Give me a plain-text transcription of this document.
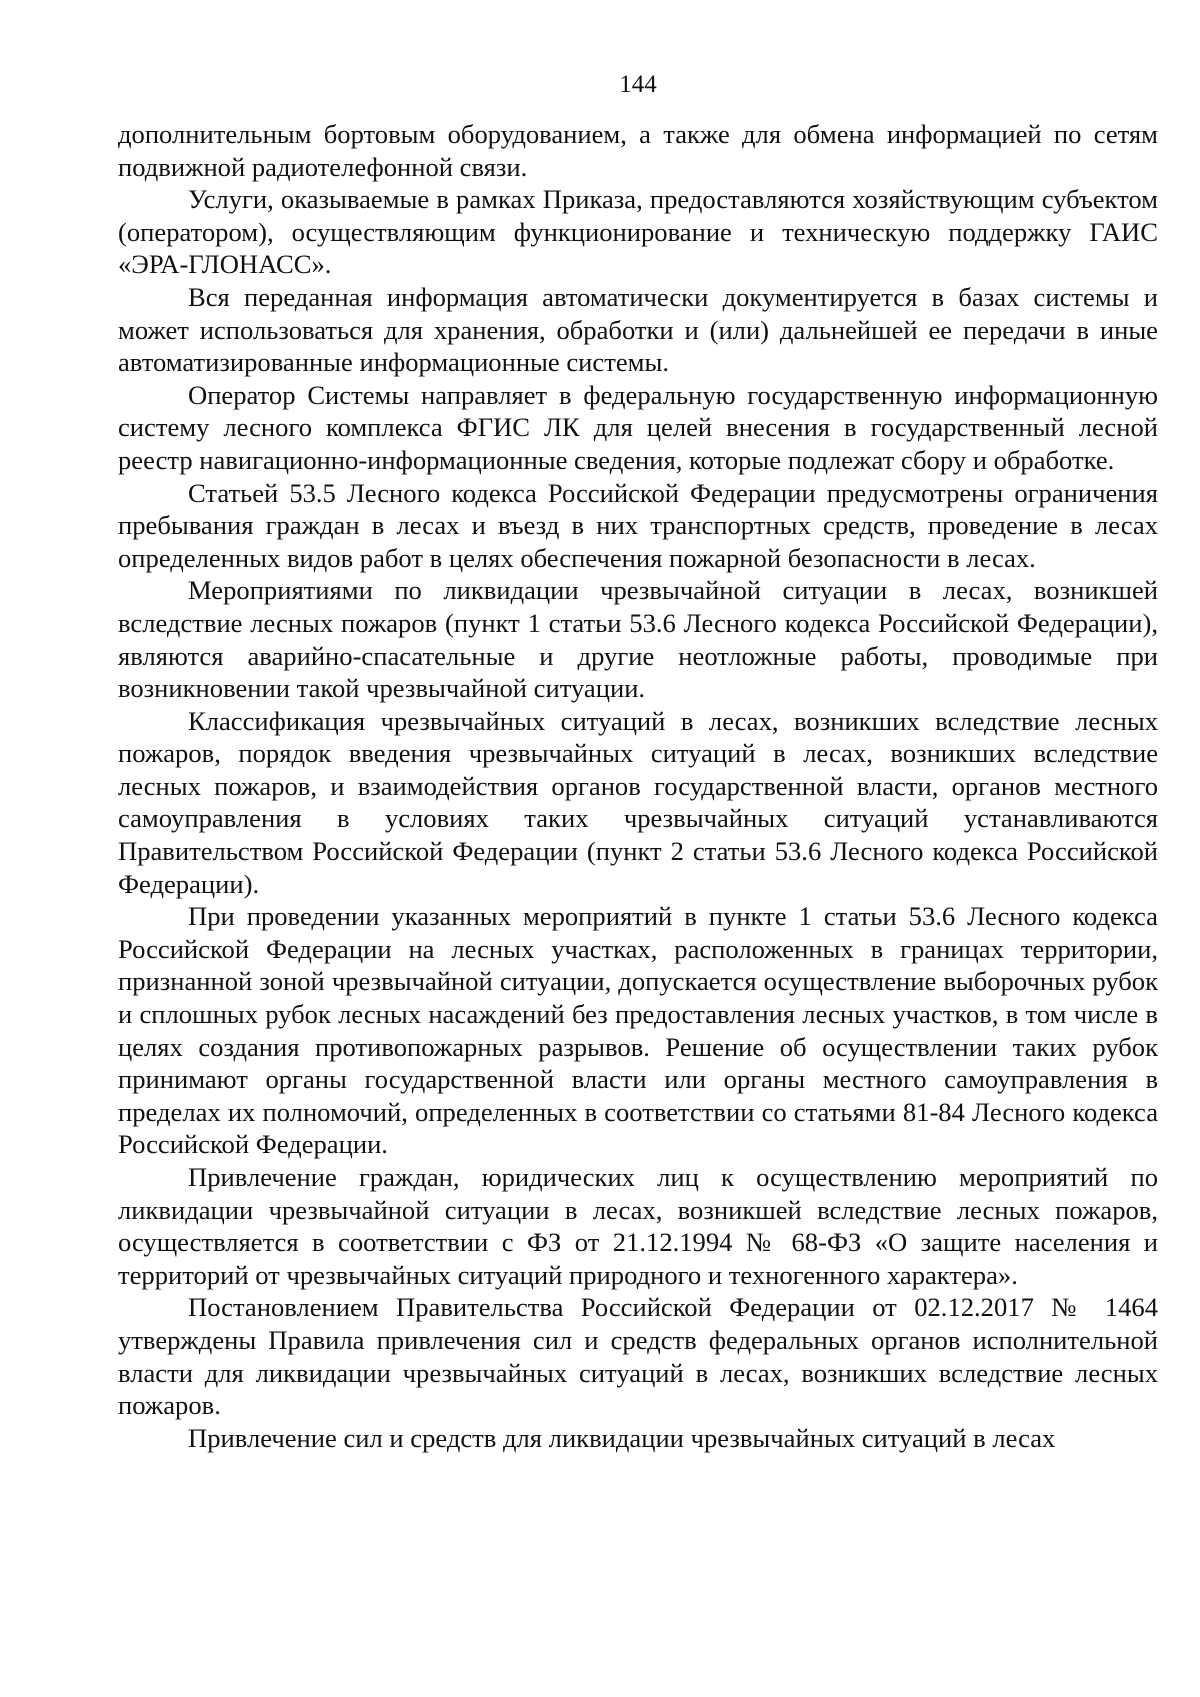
144

дополнительным бортовым оборудованием, а также для обмена информацией по сетям подвижной радиотелефонной связи.

Услуги, оказываемые в рамках Приказа, предоставляются хозяйствующим субъектом (оператором), осуществляющим функционирование и техническую поддержку ГАИС «ЭРА-ГЛОНАСС».

Вся переданная информация автоматически документируется в базах системы и может использоваться для хранения, обработки и (или) дальнейшей ее передачи в иные автоматизированные информационные системы.

Оператор Системы направляет в федеральную государственную информационную систему лесного комплекса ФГИС ЛК для целей внесения в государственный лесной реестр навигационно-информационные сведения, которые подлежат сбору и обработке.

Статьей 53.5 Лесного кодекса Российской Федерации предусмотрены ограничения пребывания граждан в лесах и въезд в них транспортных средств, проведение в лесах определенных видов работ в целях обеспечения пожарной безопасности в лесах.

Мероприятиями по ликвидации чрезвычайной ситуации в лесах, возникшей вследствие лесных пожаров (пункт 1 статьи 53.6 Лесного кодекса Российской Федерации), являются аварийно-спасательные и другие неотложные работы, проводимые при возникновении такой чрезвычайной ситуации.

Классификация чрезвычайных ситуаций в лесах, возникших вследствие лесных пожаров, порядок введения чрезвычайных ситуаций в лесах, возникших вследствие лесных пожаров, и взаимодействия органов государственной власти, органов местного самоуправления в условиях таких чрезвычайных ситуаций устанавливаются Правительством Российской Федерации (пункт 2 статьи 53.6 Лесного кодекса Российской Федерации).

При проведении указанных мероприятий в пункте 1 статьи 53.6 Лесного кодекса Российской Федерации на лесных участках, расположенных в границах территории, признанной зоной чрезвычайной ситуации, допускается осуществление выборочных рубок и сплошных рубок лесных насаждений без предоставления лесных участков, в том числе в целях создания противопожарных разрывов. Решение об осуществлении таких рубок принимают органы государственной власти или органы местного самоуправления в пределах их полномочий, определенных в соответствии со статьями 81-84 Лесного кодекса Российской Федерации.

Привлечение граждан, юридических лиц к осуществлению мероприятий по ликвидации чрезвычайной ситуации в лесах, возникшей вследствие лесных пожаров, осуществляется в соответствии с ФЗ от 21.12.1994 № 68-ФЗ «О защите населения и территорий от чрезвычайных ситуаций природного и техногенного характера».

Постановлением Правительства Российской Федерации от 02.12.2017 № 1464 утверждены Правила привлечения сил и средств федеральных органов исполнительной власти для ликвидации чрезвычайных ситуаций в лесах, возникших вследствие лесных пожаров.

Привлечение сил и средств для ликвидации чрезвычайных ситуаций в лесах
